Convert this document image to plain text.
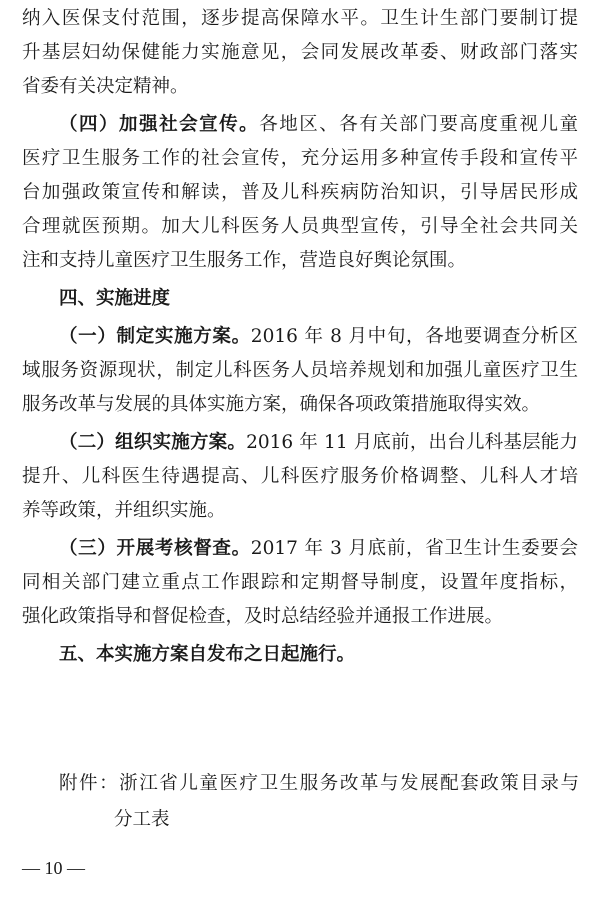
纳入医保支付范围，逐步提高保障水平。卫生计生部门要制订提
升基层妇幼保健能力实施意见，会同发展改革委、财政部门落实
省委有关决定精神。
（四）加强社会宣传。各地区、各有关部门要高度重视儿童
医疗卫生服务工作的社会宣传，充分运用多种宣传手段和宣传平
台加强政策宣传和解读，普及儿科疾病防治知识，引导居民形成
合理就医预期。加大儿科医务人员典型宣传，引导全社会共同关
注和支持儿童医疗卫生服务工作，营造良好舆论氛围。
四、实施进度
（一）制定实施方案。2016 年 8 月中旬，各地要调查分析区
域服务资源现状，制定儿科医务人员培养规划和加强儿童医疗卫生
服务改革与发展的具体实施方案，确保各项政策措施取得实效。
（二）组织实施方案。2016 年 11 月底前，出台儿科基层能力
提升、儿科医生待遇提高、儿科医疗服务价格调整、儿科人才培
养等政策，并组织实施。
（三）开展考核督查。2017 年 3 月底前，省卫生计生委要会
同相关部门建立重点工作跟踪和定期督导制度，设置年度指标，
强化政策指导和督促检查，及时总结经验并通报工作进展。
五、本实施方案自发布之日起施行。
附件：浙江省儿童医疗卫生服务改革与发展配套政策目录与
分工表
— 10 —
